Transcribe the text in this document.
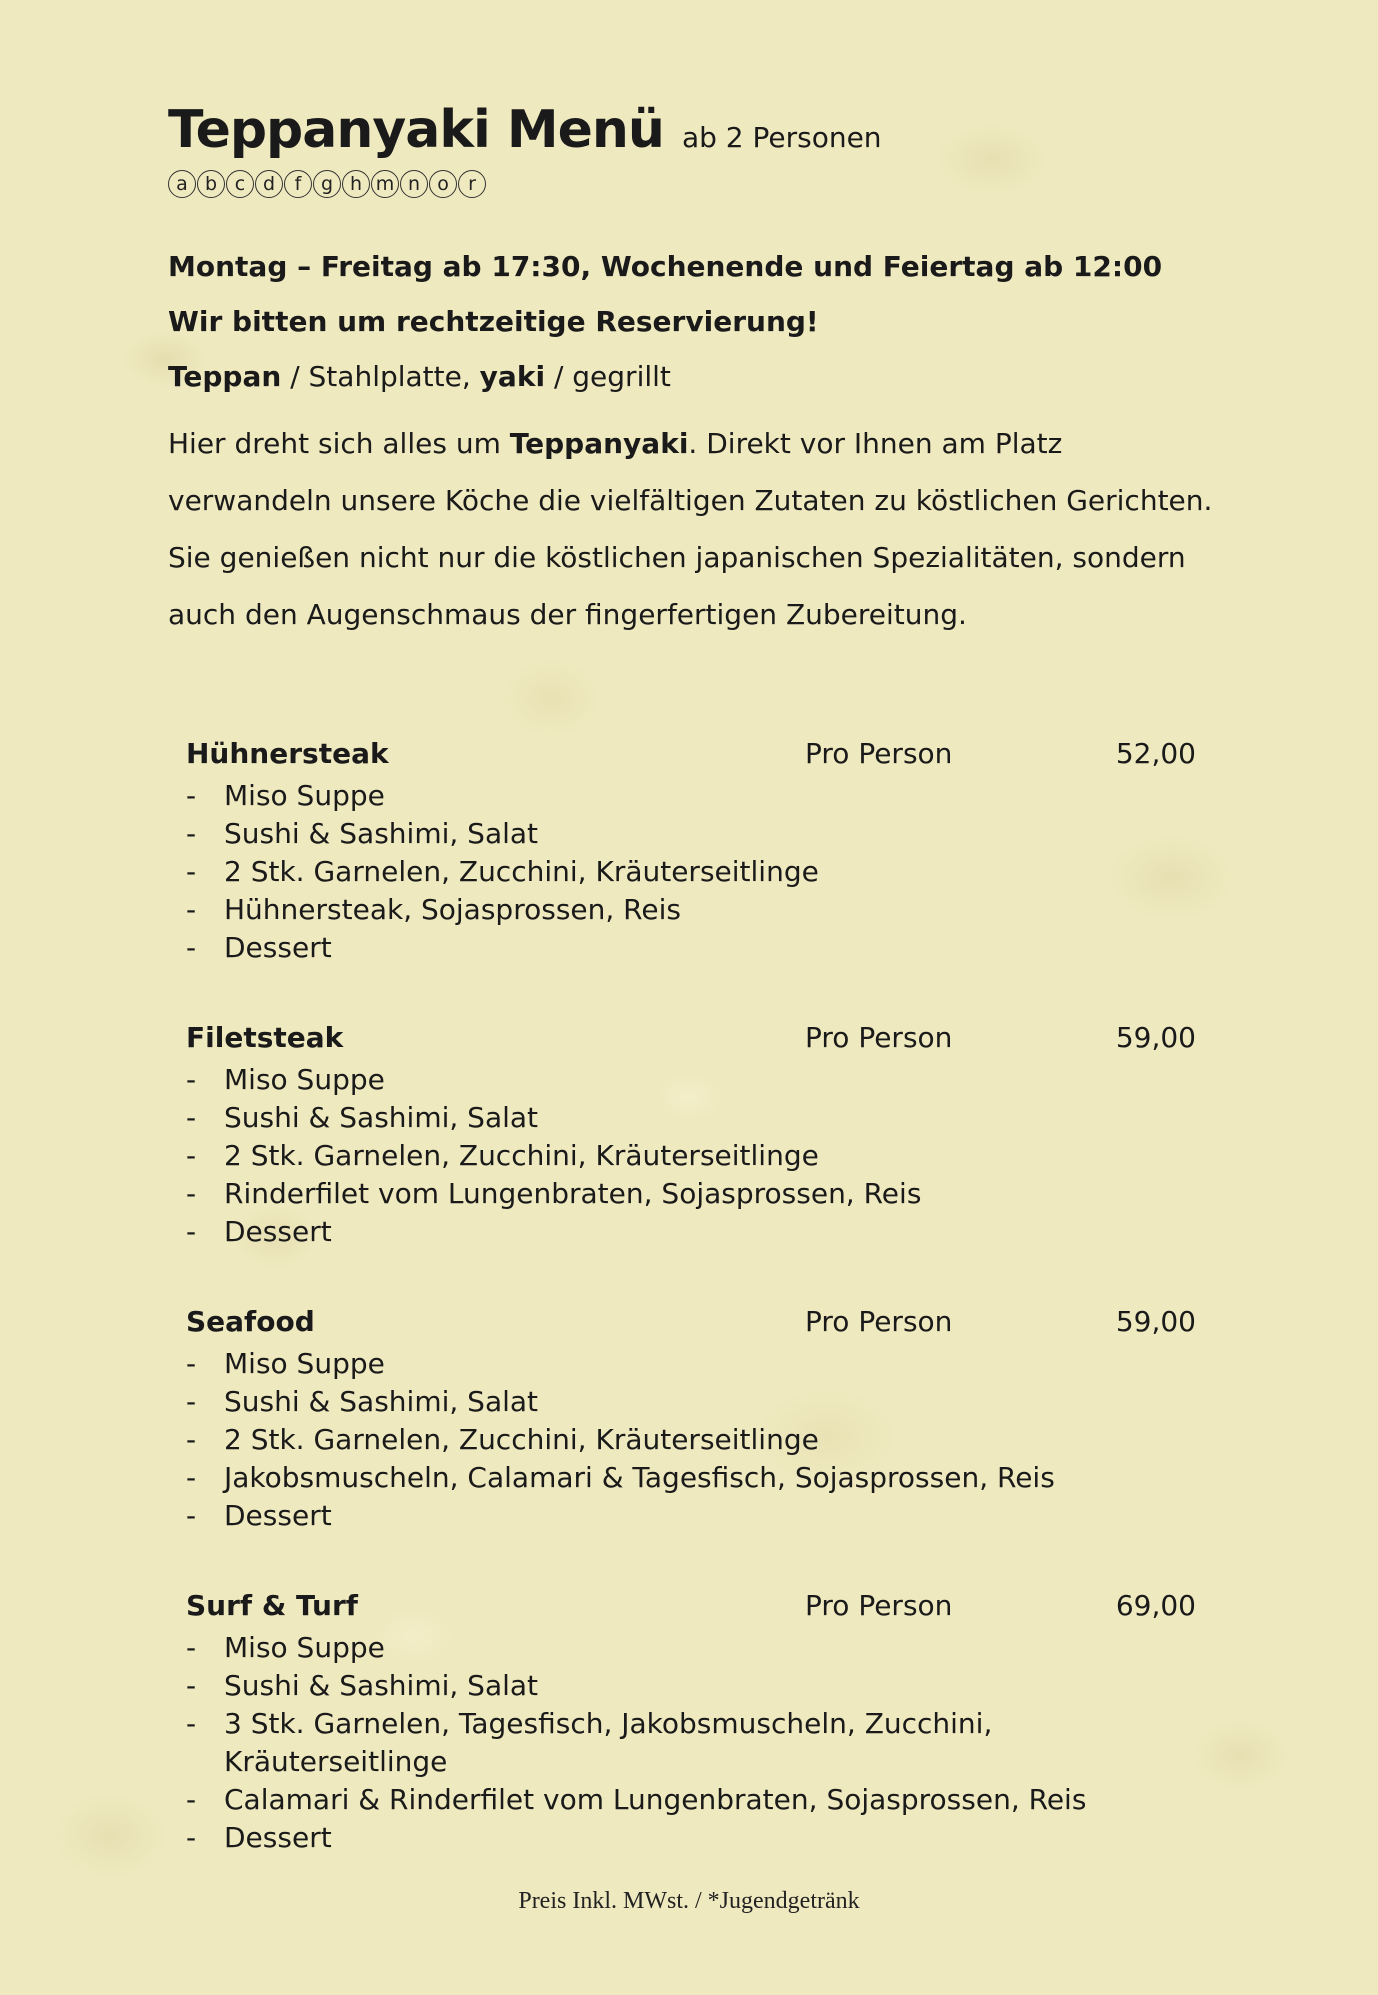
Teppanyaki Menü ab 2 Personen
a b c d	f	g h m n o	r
Montag – Freitag ab 17:30, Wochenende und Feiertag ab 12:00
Wir bitten um rechtzeitige Reservierung!
Teppan / Stahlplatte, yaki / gegrillt
Hier dreht sich alles um Teppanyaki. Direkt vor Ihnen am Platz verwandeln unsere Köche die vielfältigen Zutaten zu köstlichen Gerichten. Sie genießen nicht nur die köstlichen japanischen Spezialitäten, sondern auch den Augenschmaus der fingerfertigen Zubereitung.
Hühnersteak	Pro Person	52,00
- Miso Suppe
- Sushi & Sashimi, Salat
- 2 Stk. Garnelen, Zucchini, Kräuterseitlinge
- Hühnersteak, Sojasprossen, Reis
- Dessert
Filetsteak	Pro Person	59,00
- Miso Suppe
- Sushi & Sashimi, Salat
- 2 Stk. Garnelen, Zucchini, Kräuterseitlinge
- Rinderfilet vom Lungenbraten, Sojasprossen, Reis
- Dessert
Seafood	Pro Person	59,00
- Miso Suppe
- Sushi & Sashimi, Salat
- 2 Stk. Garnelen, Zucchini, Kräuterseitlinge
- Jakobsmuscheln, Calamari & Tagesfisch, Sojasprossen, Reis
- Dessert
Surf & Turf	Pro Person	69,00
- Miso Suppe
- Sushi & Sashimi, Salat
- 3 Stk. Garnelen, Tagesfisch, Jakobsmuscheln, Zucchini, Kräuterseitlinge
- Calamari & Rinderfilet vom Lungenbraten, Sojasprossen, Reis
- Dessert
Preis Inkl. MWst. / *Jugendgetränk
